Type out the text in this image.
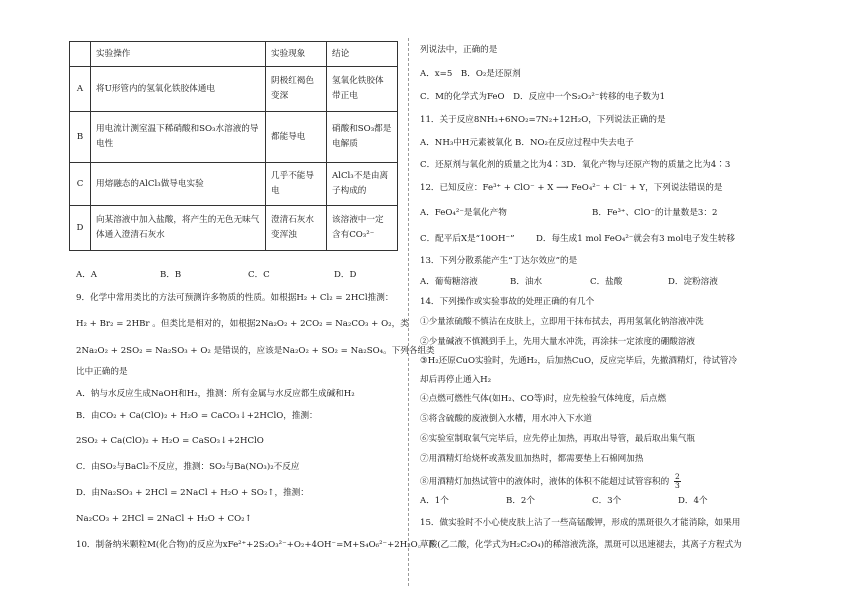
	实验操作	实验现象	结论
A	将U形管内的氢氧化铁胶体通电	阴极红褐色变深	氢氧化铁胶体带正电
B	用电流计测室温下稀硝酸和SO₃水溶液的导电性	都能导电	硝酸和SO₃都是电解质
C	用熔融态的AlCl₃做导电实验	几乎不能导电	AlCl₃不是由离子构成的
D	向某溶液中加入盐酸，将产生的无色无味气体通入澄清石灰水	澄清石灰水变浑浊	该溶液中一定含有CO₃²⁻
A．A	B．B	C．C	D．D
9．化学中常用类比的方法可预测许多物质的性质。如根据H₂ + Cl₂ = 2HCl推测：
H₂ + Br₂ = 2HBr 。但类比是相对的，如根据2Na₂O₂ + 2CO₂ = Na₂CO₃ + O₂，类
2Na₂O₂ + 2SO₂ = Na₂SO₃ + O₂ 是错误的，应该是Na₂O₂ + SO₂ = Na₂SO₄。下列各组类
比中正确的是
A．钠与水反应生成NaOH和H₂，推测：所有金属与水反应都生成碱和H₂
B．由CO₂ + Ca(ClO)₂ + H₂O = CaCO₃↓+2HClO，推测：
2SO₂ + Ca(ClO)₂ + H₂O = CaSO₃↓+2HClO
C．由SO₂与BaCl₂不反应，推测：SO₂与Ba(NO₃)₂不反应
D．由Na₂SO₃ + 2HCl = 2NaCl + H₂O + SO₂↑，推测：
Na₂CO₃ + 2HCl = 2NaCl + H₂O + CO₂↑
10．制备纳米颗粒M(化合物)的反应为xFe²⁺+2S₂O₃²⁻+O₂+4OH⁻=M+S₄O₆²⁻+2H₂O。下
列说法中，正确的是
A．x=5　B．O₂是还原剂
C．M的化学式为FeO　D．反应中一个S₂O₃²⁻转移的电子数为1
11．关于反应8NH₃+6NO₂=7N₂+12H₂O，下列说法正确的是
A．NH₃中H元素被氧化 B．NO₂在反应过程中失去电子
C．还原剂与氧化剂的质量之比为4∶3D．氧化产物与还原产物的质量之比为4∶3
12．已知反应：Fe³⁺ + ClO⁻ + X ⟶ FeO₄²⁻ + Cl⁻ + Y，下列说法错误的是
A．FeO₄²⁻是氧化产物	B．Fe³⁺、ClO⁻的计量数是3：2
C．配平后X是“10OH⁻”	D．每生成1 mol FeO₄²⁻就会有3 mol电子发生转移
13．下列分散系能产生“丁达尔效应”的是
A．葡萄糖溶液	B．油水	C．盐酸	D．淀粉溶液
14．下列操作或实验事故的处理正确的有几个
①少量浓硫酸不慎沾在皮肤上，立即用干抹布拭去，再用氢氧化钠溶液冲洗
②少量碱液不慎溅到手上，先用大量水冲洗，再涂抹一定浓度的硼酸溶液
③H₂还原CuO实验时，先通H₂，后加热CuO，反应完毕后，先撤酒精灯，待试管冷
却后再停止通入H₂
④点燃可燃性气体(如H₂、CO等)时，应先检验气体纯度，后点燃
⑤将含硫酸的废液倒入水槽，用水冲入下水道
⑥实验室制取氧气完毕后，应先停止加热，再取出导管，最后取出集气瓶
⑦用酒精灯给烧杯或蒸发皿加热时，都需要垫上石棉网加热
⑧用酒精灯加热试管中的液体时，液体的体积不能超过试管容积的 $\frac{2}{3}$
A．1个	B．2个	C．3个	D．4个
15．做实验时不小心使皮肤上沾了一些高锰酸钾，形成的黑斑很久才能消除，如果用
草酸(乙二酸，化学式为H₂C₂O₄)的稀溶液洗涤，黑斑可以迅速褪去，其离子方程式为
